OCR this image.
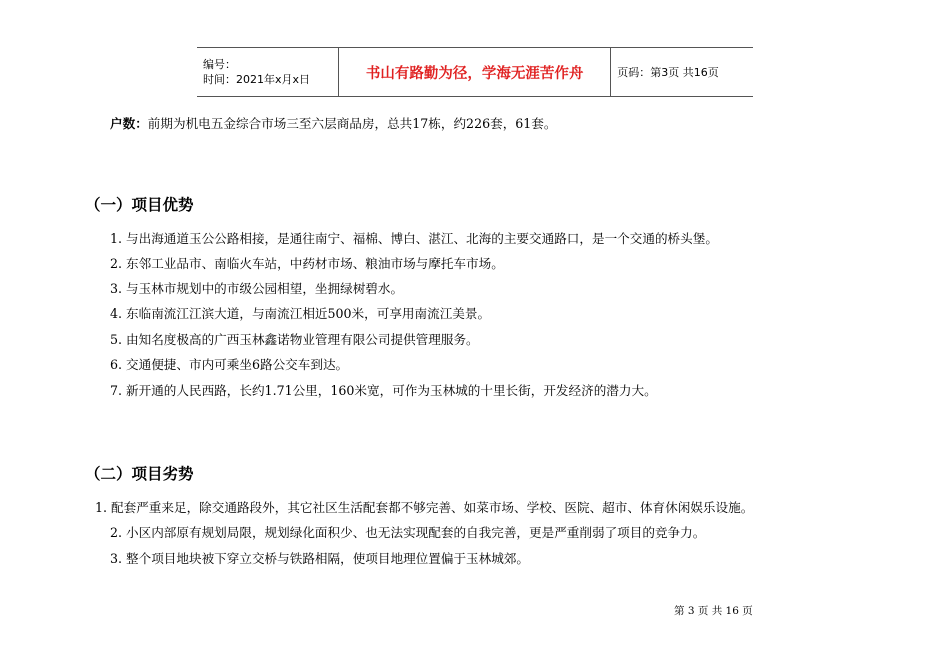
编号：
时间：2021年x月x日	书山有路勤为径，学海无涯苦作舟	页码：第3页 共16页
户数：前期为机电五金综合市场三至六层商品房，总共17栋，约226套，61套。
（一）项目优势
1. 与出海通道玉公公路相接，是通往南宁、福棉、博白、湛江、北海的主要交通路口，是一个交通的桥头堡。
2. 东邻工业品市、南临火车站，中药材市场、粮油市场与摩托车市场。
3. 与玉林市规划中的市级公园相望，坐拥绿树碧水。
4. 东临南流江江滨大道，与南流江相近500米，可享用南流江美景。
5. 由知名度极高的广西玉林鑫诺物业管理有限公司提供管理服务。
6. 交通便捷、市内可乘坐6路公交车到达。
7. 新开通的人民西路，长约1.71公里，160米宽，可作为玉林城的十里长街，开发经济的潜力大。
（二）项目劣势
1. 配套严重来足，除交通路段外，其它社区生活配套都不够完善、如菜市场、学校、医院、超市、体育休闲娱乐设施。
2. 小区内部原有规划局限，规划绿化面积少、也无法实现配套的自我完善，更是严重削弱了项目的竞争力。
3. 整个项目地块被下穿立交桥与铁路相隔，使项目地理位置偏于玉林城郊。
第 3 页 共 16 页
